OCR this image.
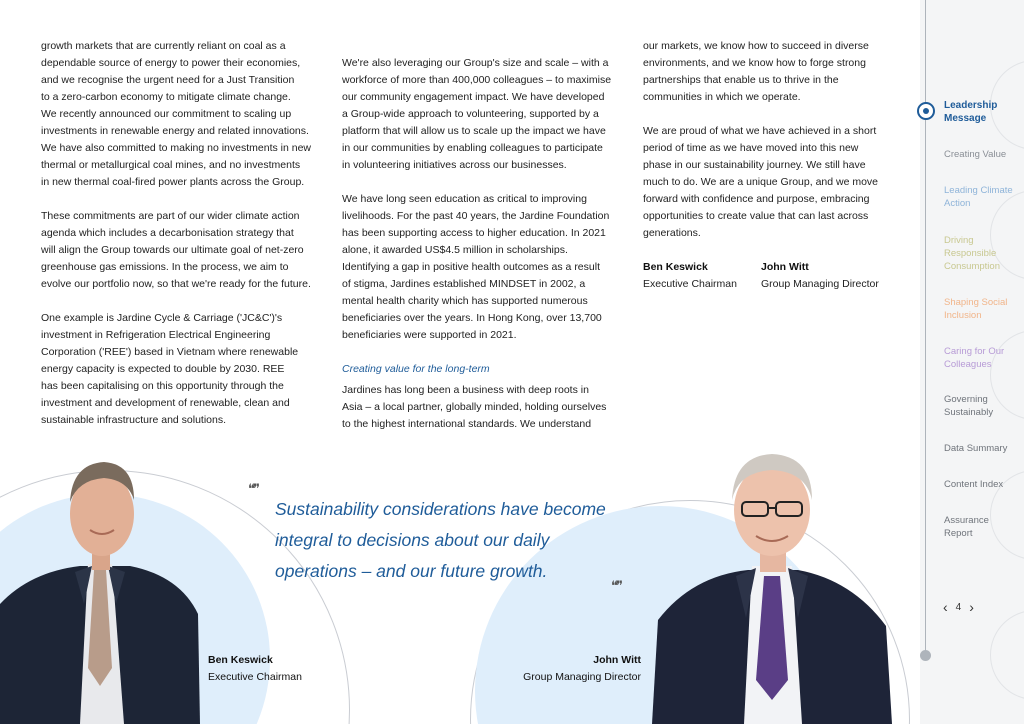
growth markets that are currently reliant on coal as a
dependable source of energy to power their economies,
and we recognise the urgent need for a Just Transition
to a zero-carbon economy to mitigate climate change.
We recently announced our commitment to scaling up
investments in renewable energy and related innovations.
We have also committed to making no investments in new
thermal or metallurgical coal mines, and no investments
in new thermal coal-fired power plants across the Group.

These commitments are part of our wider climate action
agenda which includes a decarbonisation strategy that
will align the Group towards our ultimate goal of net-zero
greenhouse gas emissions. In the process, we aim to
evolve our portfolio now, so that we're ready for the future.

One example is Jardine Cycle & Carriage ('JC&C')'s
investment in Refrigeration Electrical Engineering
Corporation ('REE') based in Vietnam where renewable
energy capacity is expected to double by 2030. REE
has been capitalising on this opportunity through the
investment and development of renewable, clean and
sustainable infrastructure and solutions.

We're also leveraging our Group's size and scale – with a
workforce of more than 400,000 colleagues – to maximise
our community engagement impact. We have developed
a Group-wide approach to volunteering, supported by a
platform that will allow us to scale up the impact we have
in our communities by enabling colleagues to participate
in volunteering initiatives across our businesses.

We have long seen education as critical to improving
livelihoods. For the past 40 years, the Jardine Foundation
has been supporting access to higher education. In 2021
alone, it awarded US$4.5 million in scholarships.
Identifying a gap in positive health outcomes as a result
of stigma, Jardines established MINDSET in 2002, a
mental health charity which has supported numerous
beneficiaries over the years. In Hong Kong, over 13,700
beneficiaries were supported in 2021.

Creating value for the long-term

Jardines has long been a business with deep roots in
Asia – a local partner, globally minded, holding ourselves
to the highest international standards. We understand

our markets, we know how to succeed in diverse
environments, and we know how to forge strong
partnerships that enable us to thrive in the
communities in which we operate.

We are proud of what we have achieved in a short
period of time as we have moved into this new
phase in our sustainability journey. We still have
much to do. We are a unique Group, and we move
forward with confidence and purpose, embracing
opportunities to create value that can last across
generations.

Ben Keswick
Executive Chairman
John Witt
Group Managing Director
❝❞
Sustainability considerations have become integral to decisions about our daily operations – and our future growth.
❝❞
Ben Keswick
Executive Chairman
John Witt
Group Managing Director
Leadership
Message
Creating Value
Leading Climate
Action
Driving
Responsible
Consumption
Shaping Social
Inclusion
Caring for Our
Colleagues
Governing
Sustainably
Data Summary
Content Index
Assurance
Report
‹ 4 ›
